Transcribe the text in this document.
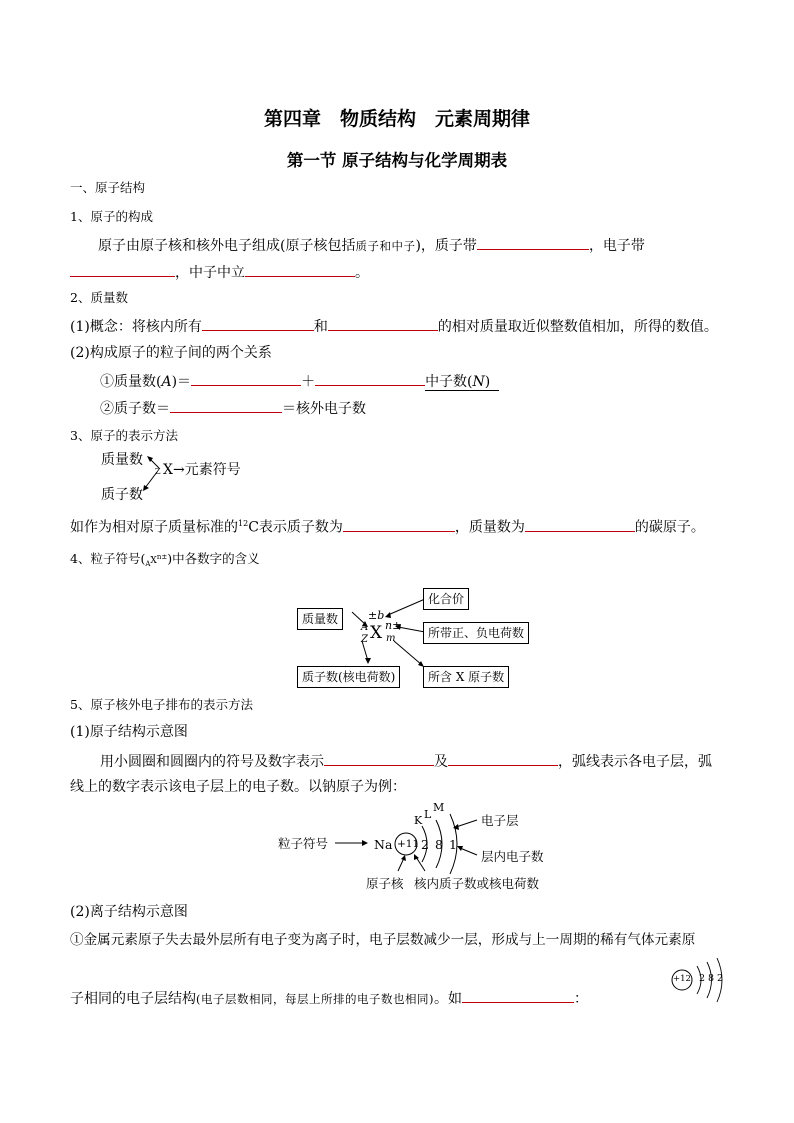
第四章　物质结构　元素周期律
第一节 原子结构与化学周期表
一、原子结构
1、原子的构成
原子由原子核和核外电子组成(原子核包括质子和中子)，质子带	，电子带
，中子中立	。
2、质量数
(1)概念：将核内所有	和	的相对质量取近似整数值相加，所得的数值。
(2)构成原子的粒子间的两个关系
①质量数(A)＝	＋	中子数(N)
②质子数＝	＝核外电子数
3、原子的表示方法
Z
质量数
X→元素符号
质子数
如作为相对原子质量标准的$^{12}$C表示质子数为	，质量数为	的碳原子。
4、粒子符号$(_AX^{n\pm})$中各数字的含义
±b
A
Z X n±
m
质量数
化合价
所带正、负电荷数
质子数(核电荷数)	所含 X 原子数
5、原子核外电子排布的表示方法
(1)原子结构示意图
用小圆圈和圆圈内的符号及数字表示	及	，弧线表示各电子层，弧
线上的数字表示该电子层上的电子数。以钠原子为例：
粒子符号	Na +11 2 8 1
K L
M
电子层
层内电子数
原子核 核内质子数或核电荷数
(2)离子结构示意图
①金属元素原子失去最外层所有电子变为离子时，电子层数减少一层，形成与上一周期的稀有气体元素原
子相同的电子层结构(电子层数相同，每层上所排的电子数也相同)。如	：
+12 2 8 2
